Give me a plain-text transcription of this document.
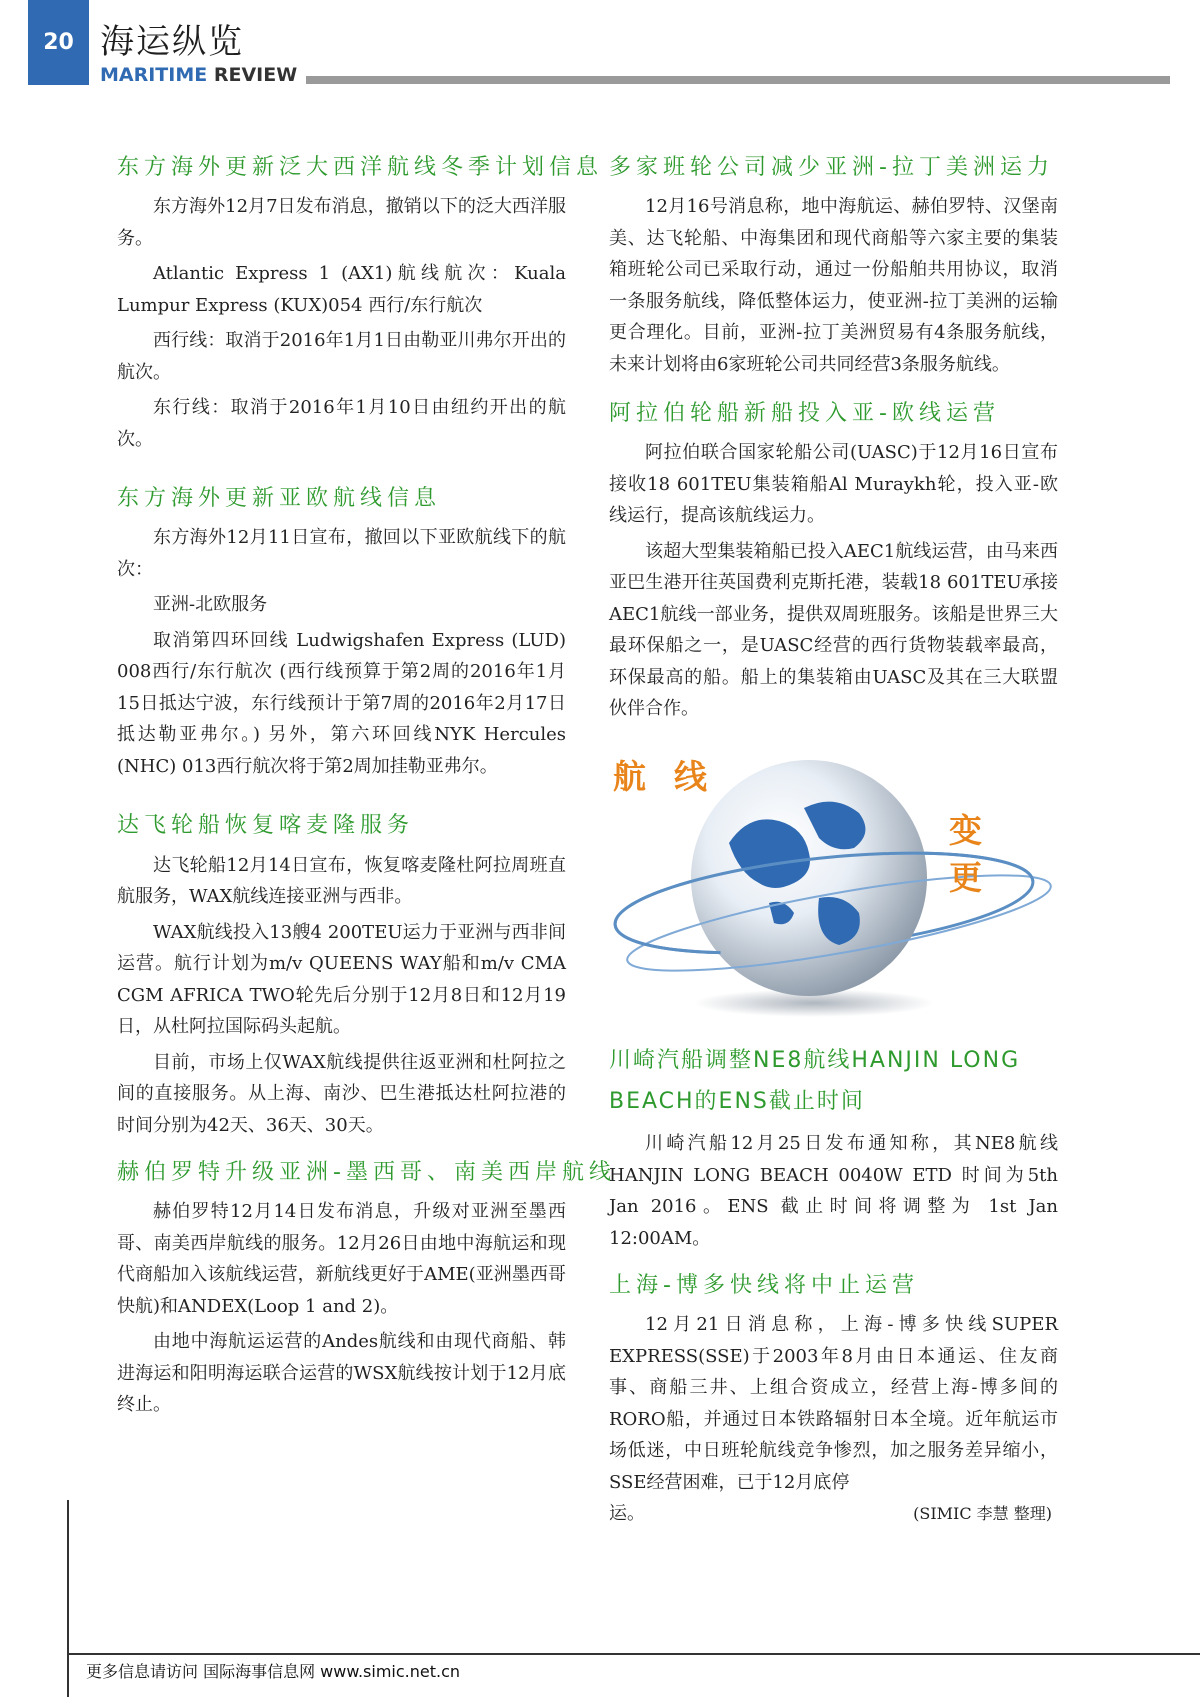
20 海运纵览
MARITIME REVIEW
东方海外更新泛大西洋航线冬季计划信息

东方海外12月7日发布消息，撤销以下的泛大西洋服务。

Atlantic Express 1 (AX1)航线航次：Kuala Lumpur Express (KUX)054 西行/东行航次

西行线：取消于2016年1月1日由勒亚川弗尔开出的航次。

东行线：取消于2016年1月10日由纽约开出的航次。

东方海外更新亚欧航线信息

东方海外12月11日宣布，撤回以下亚欧航线下的航次：

亚洲-北欧服务

取消第四环回线 Ludwigshafen Express (LUD) 008西行/东行航次 (西行线预算于第2周的2016年1月15日抵达宁波，东行线预计于第7周的2016年2月17日抵达勒亚弗尔。) 另外，第六环回线NYK Hercules (NHC) 013西行航次将于第2周加挂勒亚弗尔。

达飞轮船恢复喀麦隆服务

达飞轮船12月14日宣布，恢复喀麦隆杜阿拉周班直航服务，WAX航线连接亚洲与西非。

WAX航线投入13艘4 200TEU运力于亚洲与西非间运营。航行计划为m/v QUEENS WAY船和m/v CMA CGM AFRICA TWO轮先后分别于12月8日和12月19日，从杜阿拉国际码头起航。

目前，市场上仅WAX航线提供往返亚洲和杜阿拉之间的直接服务。从上海、南沙、巴生港抵达杜阿拉港的时间分别为42天、36天、30天。

赫伯罗特升级亚洲-墨西哥、南美西岸航线

赫伯罗特12月14日发布消息，升级对亚洲至墨西哥、南美西岸航线的服务。12月26日由地中海航运和现代商船加入该航线运营，新航线更好于AME(亚洲墨西哥快航)和ANDEX(Loop 1 and 2)。

由地中海航运运营的Andes航线和由现代商船、韩进海运和阳明海运联合运营的WSX航线按计划于12月底终止。

多家班轮公司减少亚洲-拉丁美洲运力

12月16号消息称，地中海航运、赫伯罗特、汉堡南美、达飞轮船、中海集团和现代商船等六家主要的集装箱班轮公司已采取行动，通过一份船舶共用协议，取消一条服务航线，降低整体运力，使亚洲-拉丁美洲的运输更合理化。目前，亚洲-拉丁美洲贸易有4条服务航线，未来计划将由6家班轮公司共同经营3条服务航线。

阿拉伯轮船新船投入亚-欧线运营

阿拉伯联合国家轮船公司(UASC)于12月16日宣布接收18 601TEU集装箱船Al Muraykh轮，投入亚-欧线运行，提高该航线运力。

该超大型集装箱船已投入AEC1航线运营，由马来西亚巴生港开往英国费利克斯托港，装载18 601TEU承接AEC1航线一部业务，提供双周班服务。该船是世界三大最环保船之一，是UASC经营的西行货物装载率最高，环保最高的船。船上的集装箱由UASC及其在三大联盟伙伴合作。

航线
变更
川崎汽船调整NE8航线HANJIN LONG BEACH的ENS截止时间

川崎汽船12月25日发布通知称，其NE8航线HANJIN LONG BEACH 0040W ETD 时间为5th Jan 2016。ENS 截止时间将调整为 1st Jan 12:00AM。

上海-博多快线将中止运营

12月21日消息称，上海-博多快线SUPER EXPRESS(SSE)于2003年8月由日本通运、住友商事、商船三井、上组合资成立，经营上海-博多间的RORO船，并通过日本铁路辐射日本全境。近年航运市场低迷，中日班轮航线竞争惨烈，加之服务差异缩小，SSE经营困难，已于12月底停

运。	(SIMIC 李慧 整理)
更多信息请访问 国际海事信息网 www.simic.net.cn
